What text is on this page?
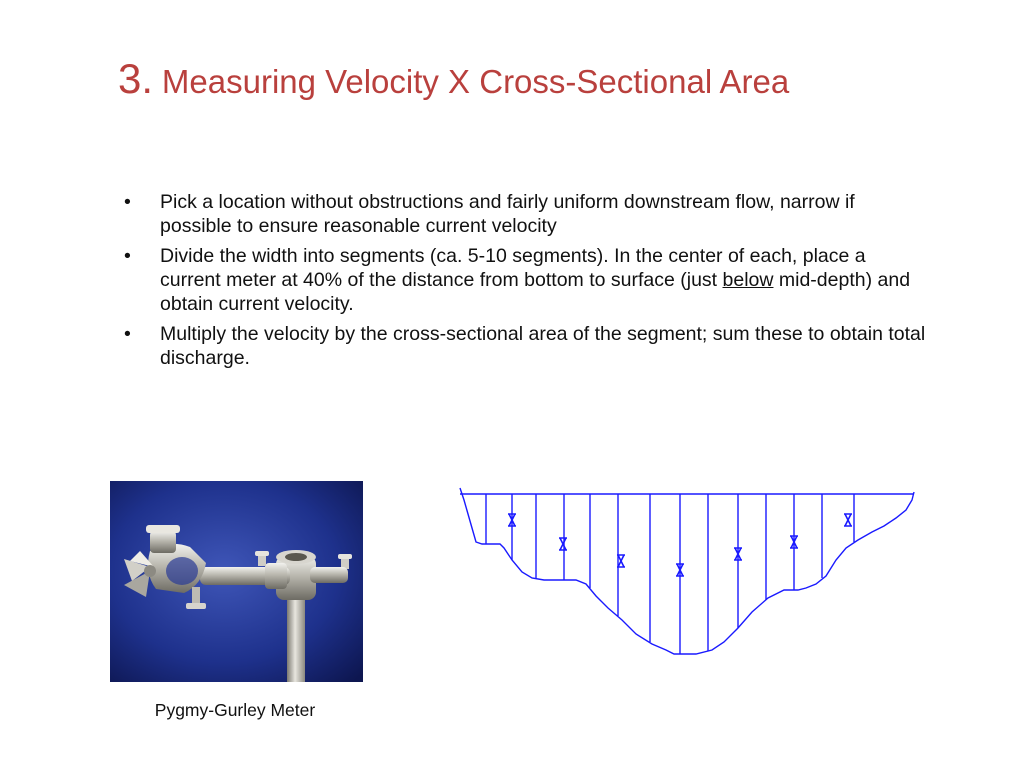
3. Measuring Velocity X Cross-Sectional Area
• Pick a location without obstructions and fairly uniform downstream flow, narrow if possible to ensure reasonable current velocity
• Divide the width into segments (ca. 5-10 segments). In the center of each, place a current meter at 40% of the distance from bottom to surface (just below mid-depth) and obtain current velocity.
• Multiply the velocity by the cross-sectional area of the segment; sum these to obtain total discharge.
Pygmy-Gurley Meter
